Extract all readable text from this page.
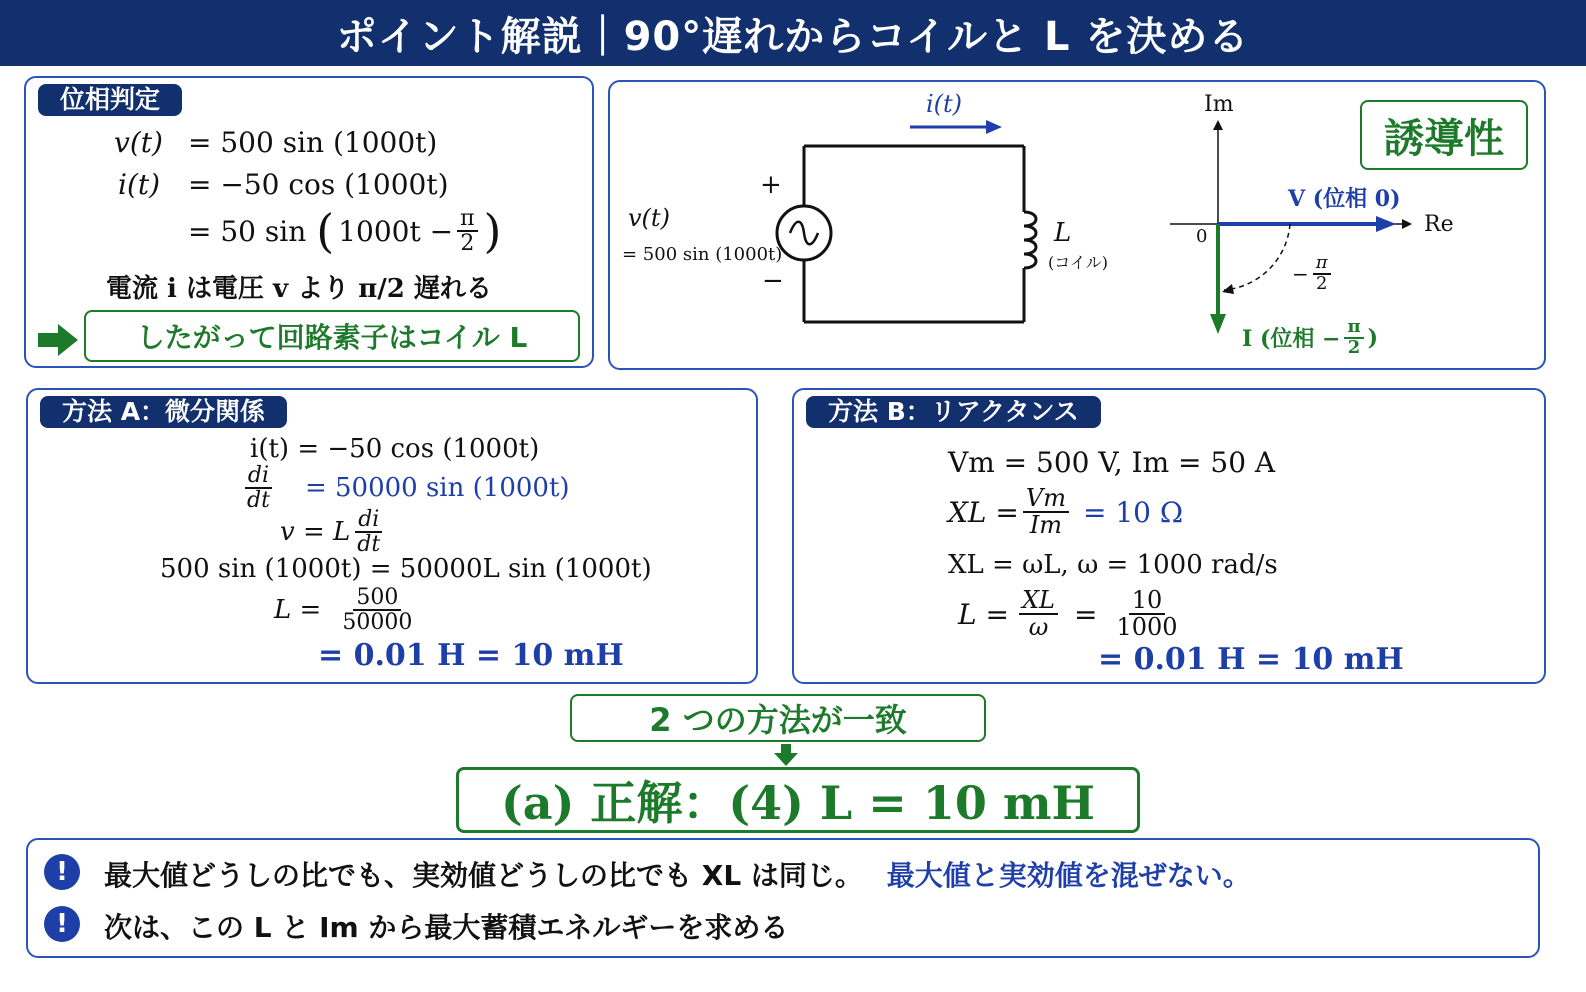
ポイント解説｜90°遅れからコイルと L を決める
位相判定
v(t) = 500 sin (1000t)
i(t) = −50 cos (1000t)
= 50 sin ( $1000t - \frac{\pi}{2}$ )
電流 i は電圧 v より π/2 遅れる
したがって回路素子はコイル L
i(t)
v(t)
= 500 sin (1000t)
+
−
L
(コイル)
Im
Re
0
V (位相 0)
− $\frac{\pi}{2}$
I (位相 − $\frac{\pi}{2}$ )
誘導性
方法 A：微分関係
i(t) = −50 cos (1000t)
$\frac{di}{dt} = 50000$ sin (1000t)
v = L $\frac{di}{dt}$
500 sin (1000t) = 50000L sin (1000t)
$L = \frac{500}{50000}$
= 0.01 H = 10 mH
方法 B：リアクタンス
Vm = 500 V, Im = 50 A
XL = $\frac{Vm}{Im} = 10$ Ω
XL = ωL, ω = 1000 rad/s
$L = \frac{XL}{\omega} = \frac{10}{1000}$
= 0.01 H = 10 mH
2 つの方法が一致
(a) 正解：(4) L = 10 mH
!	最大値どうしの比でも、実効値どうしの比でも XL は同じ。 最大値と実効値を混ぜない。
!	次は、この L と Im から最大蓄積エネルギーを求める
